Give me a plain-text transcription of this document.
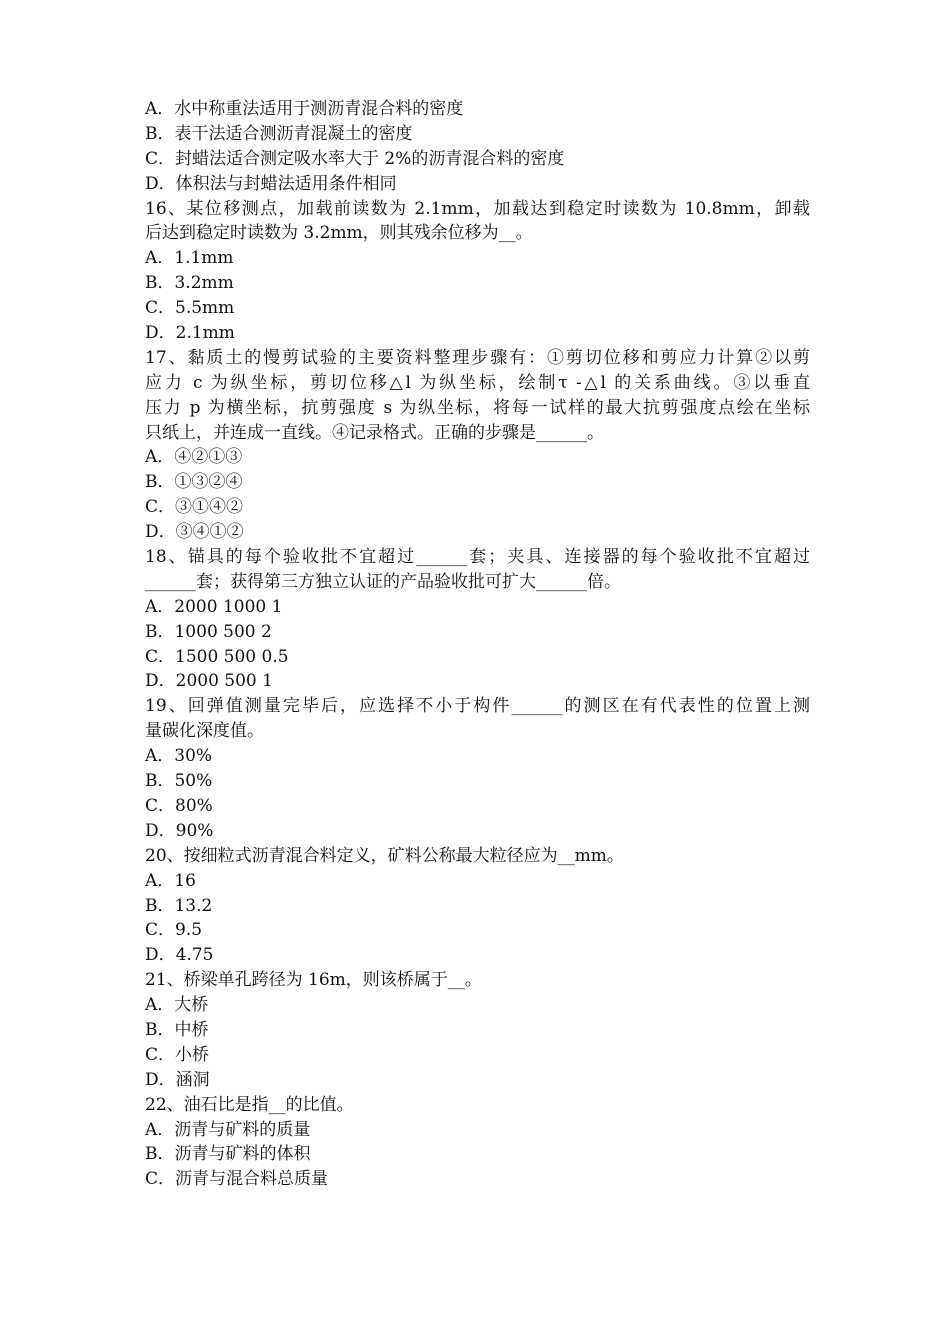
A．水中称重法适用于测沥青混合料的密度
B．表干法适合测沥青混凝土的密度
C．封蜡法适合测定吸水率大于 2%的沥青混合料的密度
D．体积法与封蜡法适用条件相同
16、某位移测点，加载前读数为 2.1mm，加载达到稳定时读数为 10.8mm，卸载
后达到稳定时读数为 3.2mm，则其残余位移为__。
A．1.1mm
B．3.2mm
C．5.5mm
D．2.1mm
17、黏质土的慢剪试验的主要资料整理步骤有：①剪切位移和剪应力计算②以剪
应力 c 为纵坐标，剪切位移△l 为纵坐标，绘制τ -△l 的关系曲线。③以垂直
压力 p 为横坐标，抗剪强度 s 为纵坐标，将每一试样的最大抗剪强度点绘在坐标
只纸上，并连成一直线。④记录格式。正确的步骤是______。
A．④②①③
B．①③②④
C．③①④②
D．③④①②
18、锚具的每个验收批不宜超过______套；夹具、连接器的每个验收批不宜超过
______套；获得第三方独立认证的产品验收批可扩大______倍。
A．2000 1000 1
B．1000 500 2
C．1500 500 0.5
D．2000 500 1
19、回弹值测量完毕后，应选择不小于构件______的测区在有代表性的位置上测
量碳化深度值。
A．30%
B．50%
C．80%
D．90%
20、按细粒式沥青混合料定义，矿料公称最大粒径应为__mm。
A．16
B．13.2
C．9.5
D．4.75
21、桥梁单孔跨径为 16m，则该桥属于__。
A．大桥
B．中桥
C．小桥
D．涵洞
22、油石比是指__的比值。
A．沥青与矿料的质量
B．沥青与矿料的体积
C．沥青与混合料总质量
